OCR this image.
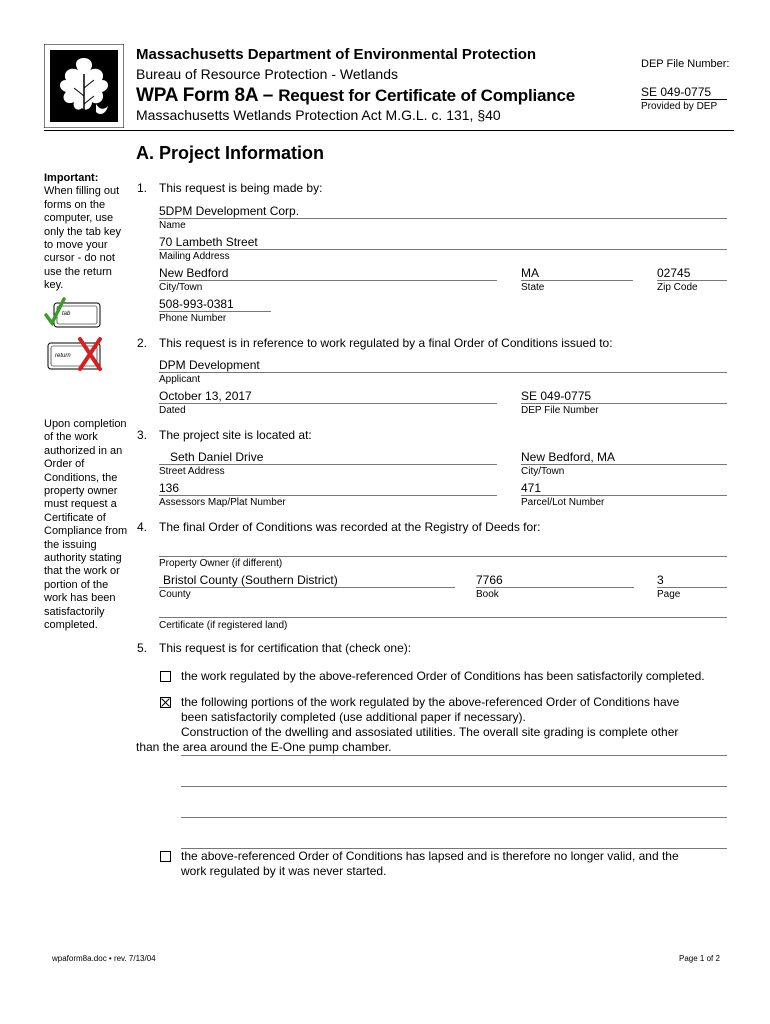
Massachusetts Department of Environmental Protection
Bureau of Resource Protection - Wetlands
WPA Form 8A – Request for Certificate of Compliance
Massachusetts Wetlands Protection Act M.G.L. c. 131, §40
DEP File Number:
SE 049-0775
Provided by DEP
A. Project Information
Important:
When filling out forms on the computer, use only the tab key to move your cursor - do not use the return key.
tab
return
Upon completion of the work authorized in an Order of Conditions, the property owner must request a Certificate of Compliance from the issuing authority stating that the work or portion of the work has been satisfactorily completed.
1. This request is being made by:
5DPM Development Corp.
Name
70 Lambeth Street
Mailing Address
New Bedford
City/Town
MA
State
02745
Zip Code
508-993-0381
Phone Number
2. This request is in reference to work regulated by a final Order of Conditions issued to:
DPM Development
Applicant
October 13, 2017
Dated
SE 049-0775
DEP File Number
3. The project site is located at:
Seth Daniel Drive
Street Address
New Bedford, MA
City/Town
136
Assessors Map/Plat Number
471
Parcel/Lot Number
4. The final Order of Conditions was recorded at the Registry of Deeds for:
Property Owner (if different)
Bristol County (Southern District)
County
7766
Book
3
Page
Certificate (if registered land)
5. This request is for certification that (check one):
the work regulated by the above-referenced Order of Conditions has been satisfactorily completed.
the following portions of the work regulated by the above-referenced Order of Conditions have
been satisfactorily completed (use additional paper if necessary).
Construction of the dwelling and assosiated utilities. The overall site grading is complete other
than the area around the E-One pump chamber.
the above-referenced Order of Conditions has lapsed and is therefore no longer valid, and the
work regulated by it was never started.
wpaform8a.doc • rev. 7/13/04	Page 1 of 2
